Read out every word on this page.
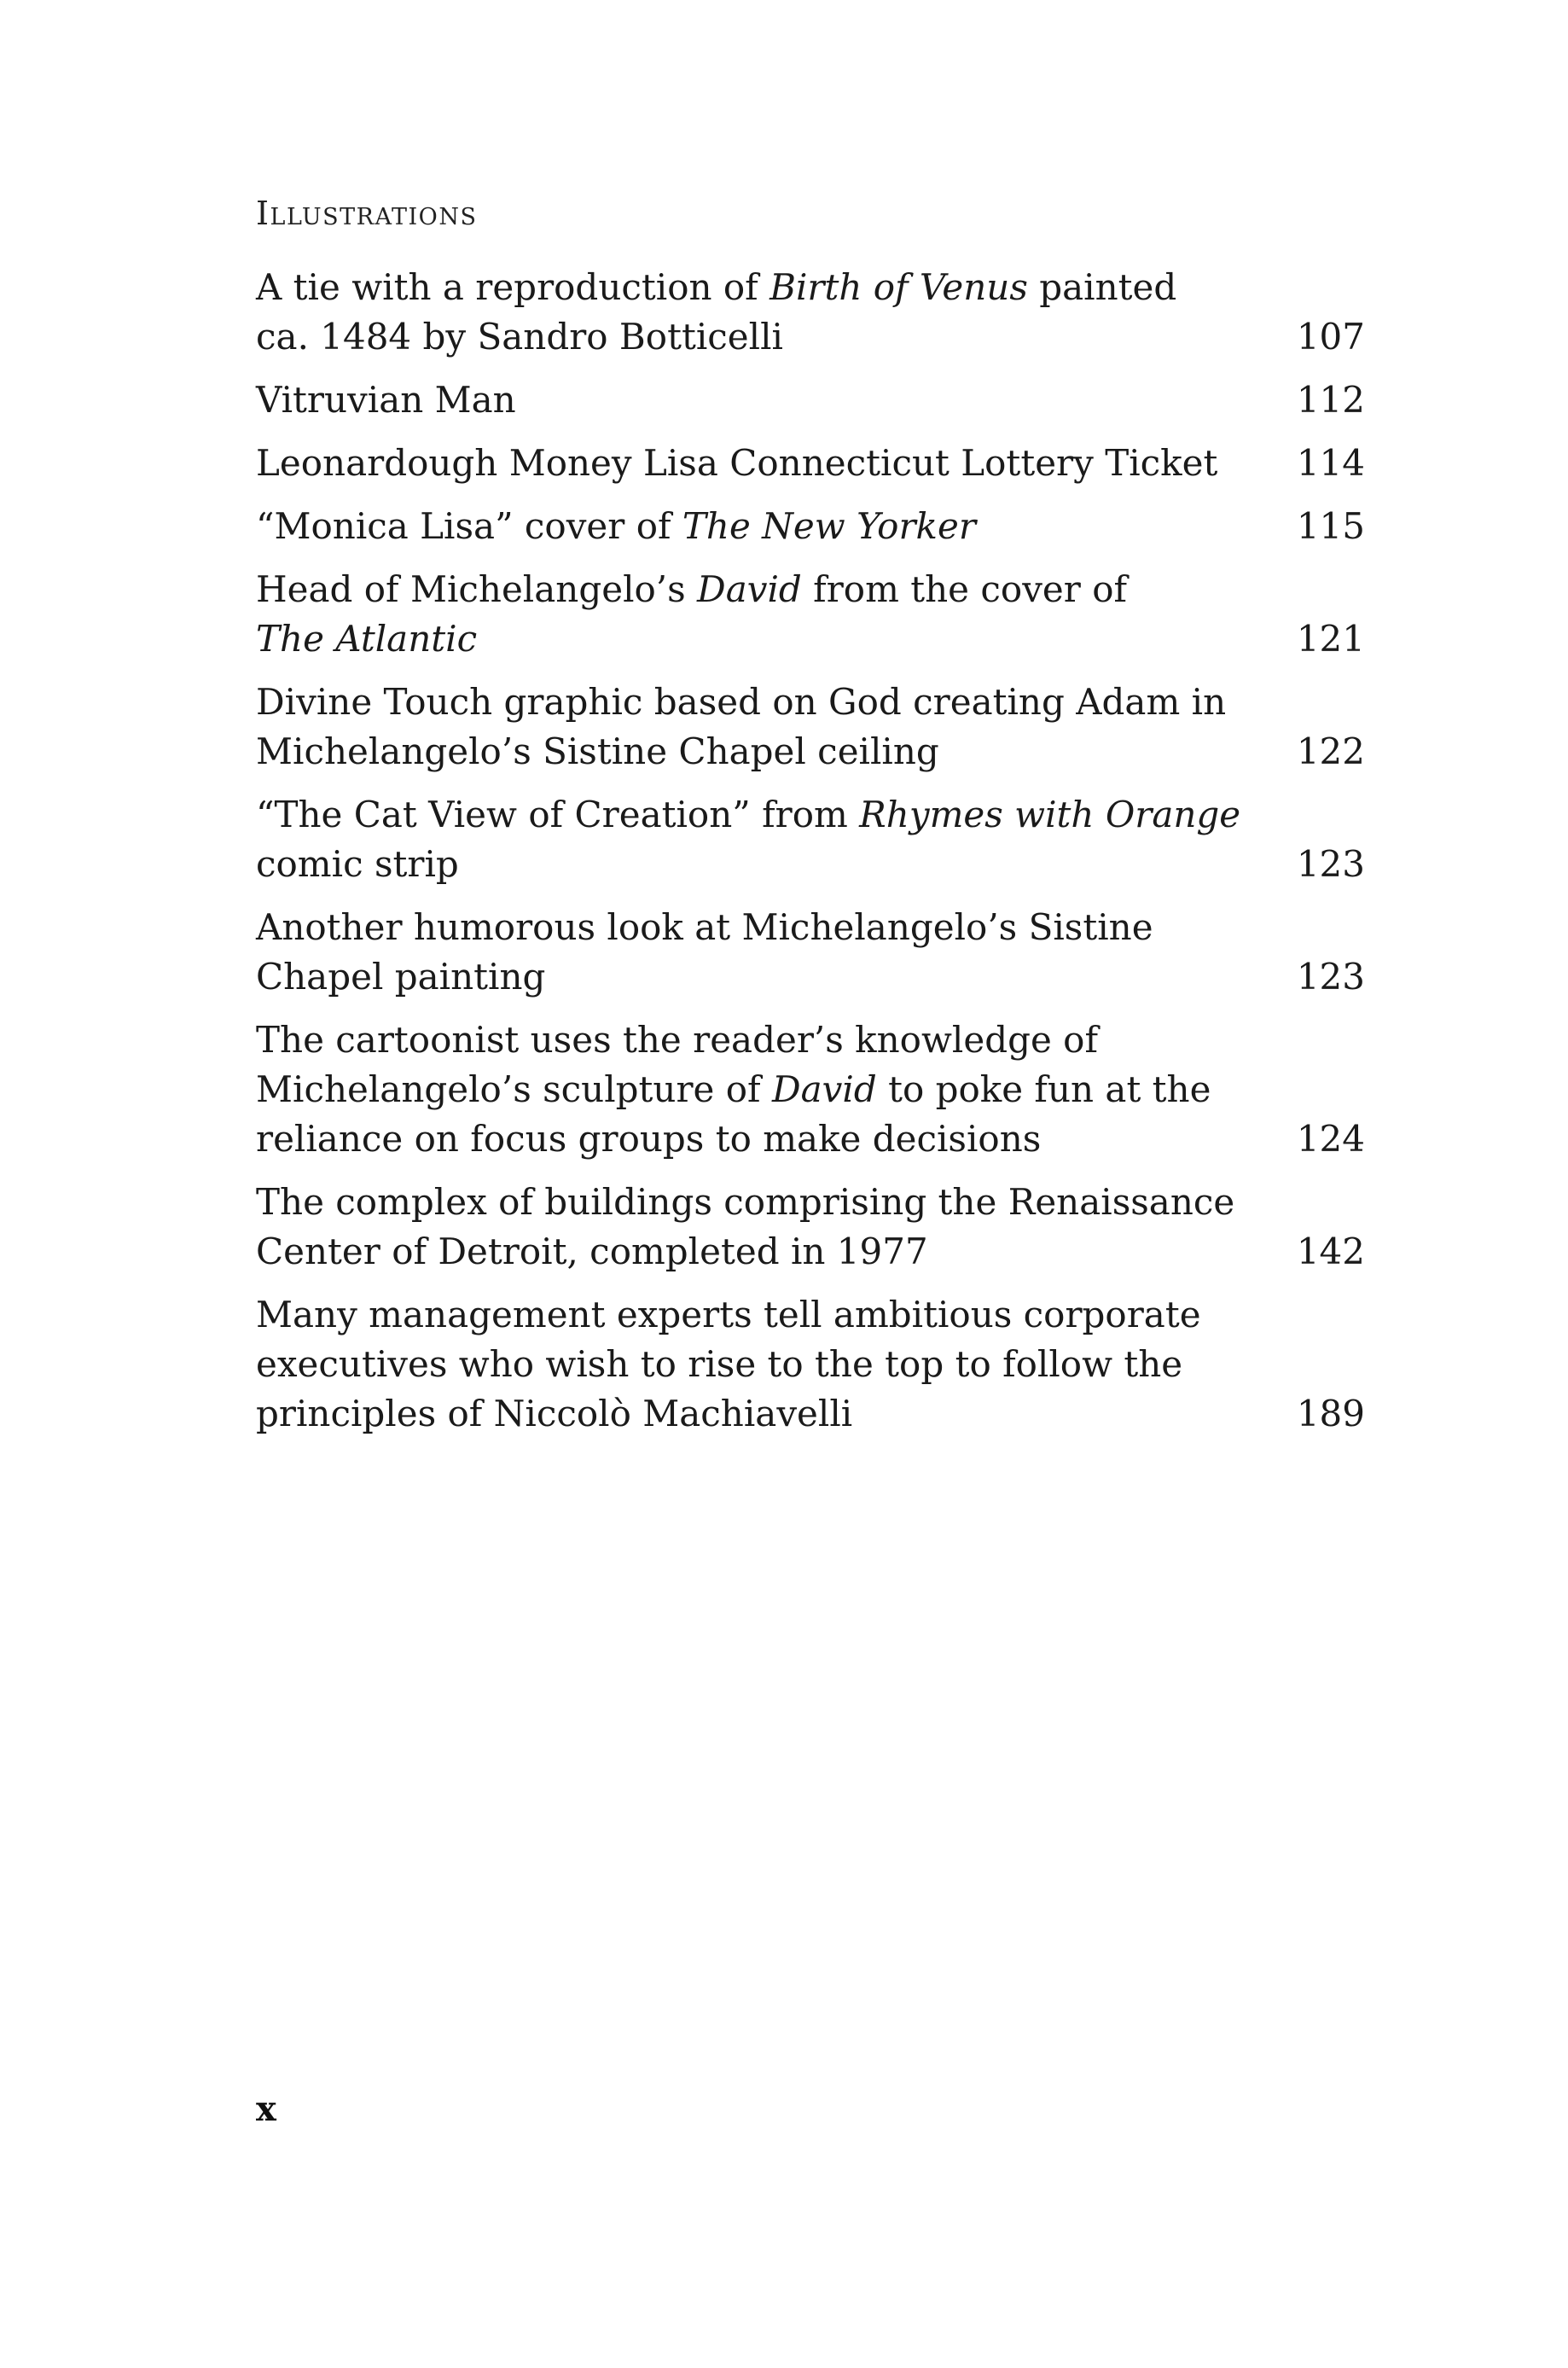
Illustrations
A tie with a reproduction of Birth of Venus painted
ca. 1484 by Sandro Botticelli	107
Vitruvian Man	112
Leonardough Money Lisa Connecticut Lottery Ticket 114
“Monica Lisa” cover of The New Yorker	115
Head of Michelangelo’s David from the cover of
The Atlantic	121
Divine Touch graphic based on God creating Adam in
Michelangelo’s Sistine Chapel ceiling	122
“The Cat View of Creation” from Rhymes with Orange
comic strip	123
Another humorous look at Michelangelo’s Sistine
Chapel painting	123
The cartoonist uses the reader’s knowledge of
Michelangelo’s sculpture of David to poke fun at the
reliance on focus groups to make decisions	124
The complex of buildings comprising the Renaissance
Center of Detroit, completed in 1977	142
Many management experts tell ambitious corporate
executives who wish to rise to the top to follow the
principles of Niccolò Machiavelli	189
x
